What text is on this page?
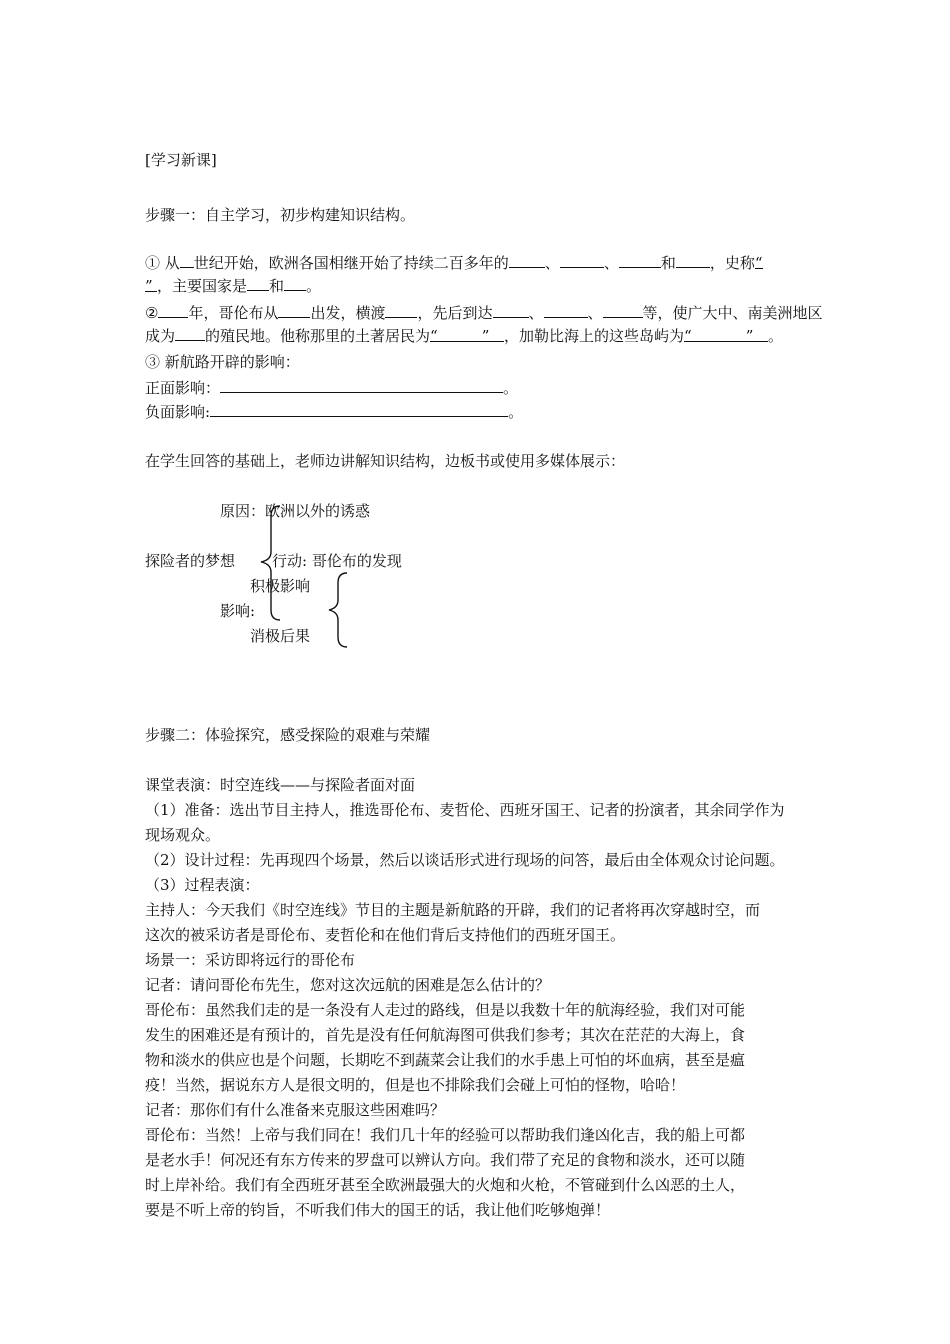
[学习新课]
步骤一：自主学习，初步构建知识结构。
① 从 世纪开始，欧洲各国相继开始了持续二百多年的 、	、	和 ，史称“
” ，主要国家是 和 。
② 年，哥伦布从 出发，横渡 ，先后到达 、	、	等，使广大中、南美洲地区
成为 的殖民地。他称那里的土著居民为“	” ，加勒比海上的这些岛屿为“	” 。
③ 新航路开辟的影响：
正面影响：	。
负面影响:	。
在学生回答的基础上，老师边讲解知识结构，边板书或使用多媒体展示：
原因：欧洲以外的诱惑
探险者的梦想 行动: 哥伦布的发现
积极影响
影响:
消极后果
步骤二：体验探究，感受探险的艰难与荣耀
课堂表演：时空连线——与探险者面对面
（1）准备：选出节目主持人，推选哥伦布、麦哲伦、西班牙国王、记者的扮演者，其余同学作为
现场观众。
（2）设计过程：先再现四个场景，然后以谈话形式进行现场的问答，最后由全体观众讨论问题。
（3）过程表演：
主持人：今天我们《时空连线》节目的主题是新航路的开辟，我们的记者将再次穿越时空，而
这次的被采访者是哥伦布、麦哲伦和在他们背后支持他们的西班牙国王。
场景一：采访即将远行的哥伦布
记者：请问哥伦布先生，您对这次远航的困难是怎么估计的？
哥伦布：虽然我们走的是一条没有人走过的路线，但是以我数十年的航海经验，我们对可能
发生的困难还是有预计的，首先是没有任何航海图可供我们参考；其次在茫茫的大海上，食
物和淡水的供应也是个问题，长期吃不到蔬菜会让我们的水手患上可怕的坏血病，甚至是瘟
疫！当然，据说东方人是很文明的，但是也不排除我们会碰上可怕的怪物，哈哈！
记者：那你们有什么准备来克服这些困难吗？
哥伦布：当然！上帝与我们同在！我们几十年的经验可以帮助我们逢凶化吉，我的船上可都
是老水手！何况还有东方传来的罗盘可以辨认方向。我们带了充足的食物和淡水，还可以随
时上岸补给。我们有全西班牙甚至全欧洲最强大的火炮和火枪，不管碰到什么凶恶的土人，
要是不听上帝的钧旨，不听我们伟大的国王的话，我让他们吃够炮弹！
